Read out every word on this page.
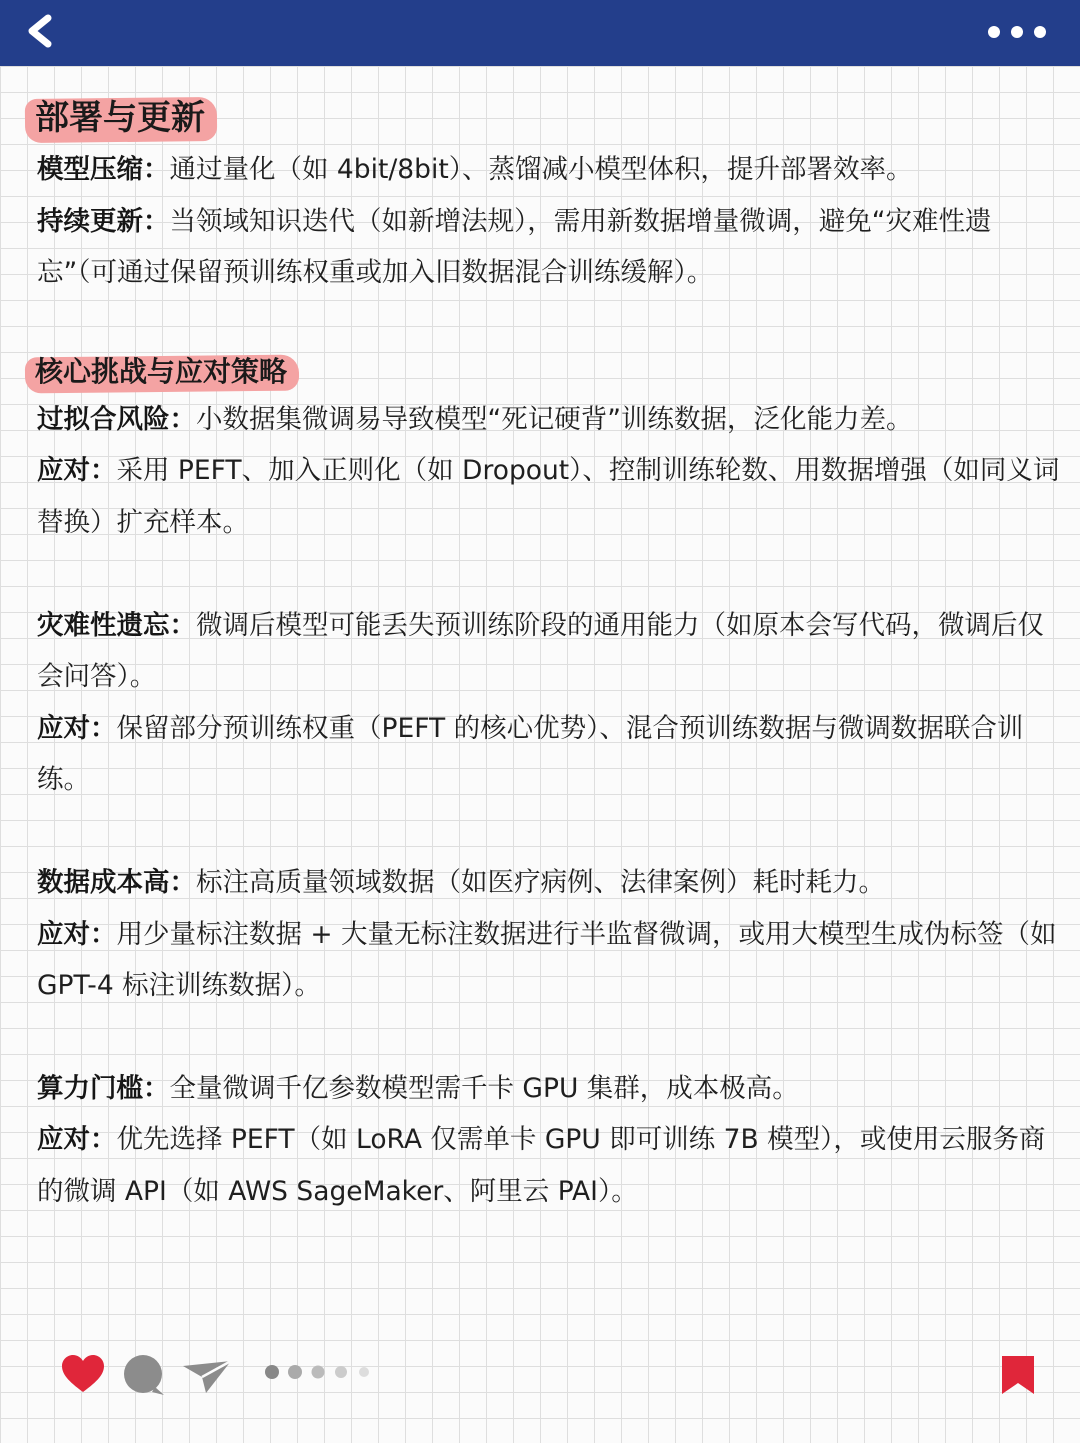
部署与更新
模型压缩：通过量化（如 4bit/8bit）、蒸馏减小模型体积，提升部署效率。
持续更新：当领域知识迭代（如新增法规），需用新数据增量微调，避免“灾难性遗忘”（可通过保留预训练权重或加入旧数据混合训练缓解）。
核心挑战与应对策略
过拟合风险：小数据集微调易导致模型“死记硬背”训练数据，泛化能力差。
应对：采用 PEFT、加入正则化（如 Dropout）、控制训练轮数、用数据增强（如同义词替换）扩充样本。
灾难性遗忘：微调后模型可能丢失预训练阶段的通用能力（如原本会写代码，微调后仅会问答）。
应对：保留部分预训练权重（PEFT 的核心优势）、混合预训练数据与微调数据联合训练。
数据成本高：标注高质量领域数据（如医疗病例、法律案例）耗时耗力。
应对：用少量标注数据 + 大量无标注数据进行半监督微调，或用大模型生成伪标签（如 GPT-4 标注训练数据）。
算力门槛：全量微调千亿参数模型需千卡 GPU 集群，成本极高。
应对：优先选择 PEFT（如 LoRA 仅需单卡 GPU 即可训练 7B 模型），或使用云服务商的微调 API（如 AWS SageMaker、阿里云 PAI）。
